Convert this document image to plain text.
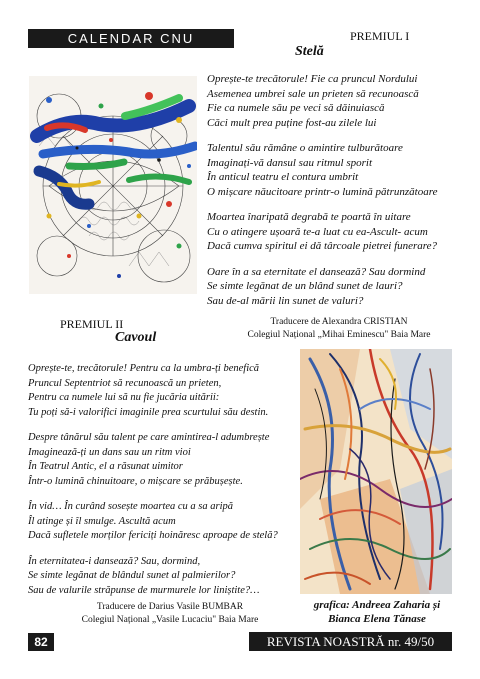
CALENDAR CNU	PREMIUL I
Stelă

Oprește-te trecătorule! Fie ca pruncul Nordului

Asemenea umbrei sale un prieten să recunoască

Fie ca numele său pe veci să dăinuiască

Căci mult prea puține fost-au zilele lui

Talentul său rămâne o amintire tulburătoare

Imaginați-vă dansul sau ritmul sporit

În anticul teatru el contura umbrit

O mișcare năucitoare printr-o lumină pătrunzătoare

Moartea înaripată degrabă te poartă în uitare

Cu o atingere ușoară te-a luat cu ea-Ascult- acum

Dacă cumva spiritul ei dă târcoale pietrei funerare?

Oare în a sa eternitate el dansează? Sau dormind

Se simte legănat de un blând sunet de lauri?

Sau de-al mării lin sunet de valuri?

PREMIUL II
Cavoul
Traducere de Alexandra CRISTIAN
Colegiul Național „Mihai Eminescu" Baia Mare

Oprește-te, trecătorule! Pentru ca la umbra-ți benefică

Pruncul Septentriot să recunoască un prieten,

Pentru ca numele lui să nu fie jucăria uitării:

Tu poți să-i valorifici imaginile prea scurtului său destin.

Despre tânărul său talent pe care amintirea-l adumbrește

Imaginează-ți un dans sau un ritm vioi

În Teatrul Antic, el a răsunat uimitor

Într-o lumină chinuitoare, o mișcare se prăbușește.

În vid… În curând sosește moartea cu a sa aripă

Îl atinge și îl smulge. Ascultă acum

Dacă sufletele morților fericiți hoinăresc aproape de stelă?

În eternitatea-i dansează? Sau, dormind,

Se simte legănat de blândul sunet al palmierilor?

Sau de valurile străpunse de murmurele lor liniștite?…

Traducere de Darius Vasile BUMBAR
Colegiul Național „Vasile Lucaciu" Baia Mare
grafica: Andreea Zaharia și
Bianca Elena Tănase
82	REVISTA NOASTRĂ nr. 49/50
